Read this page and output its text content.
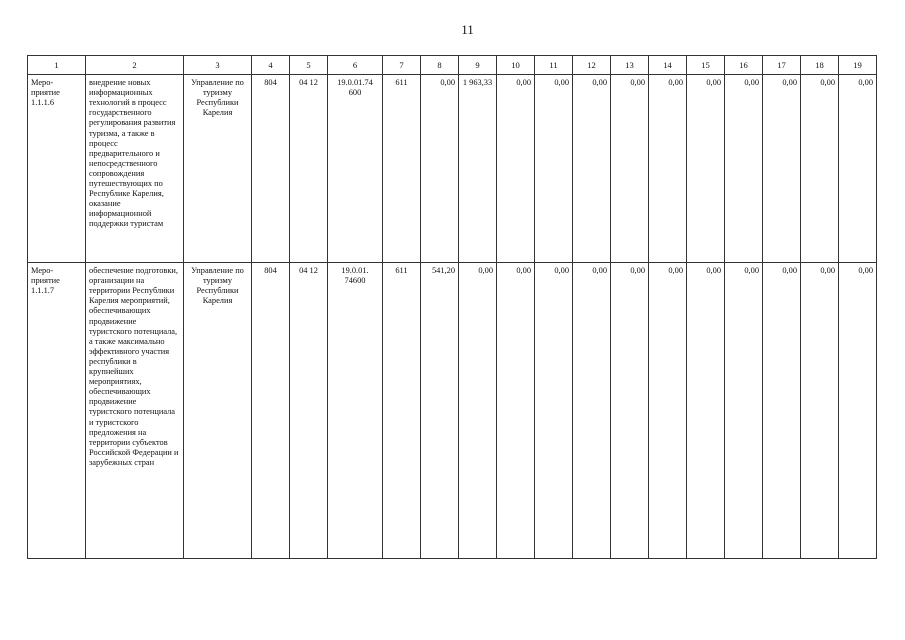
11
1	2	3	4	5	6	7	8	9	10	11	12	13	14	15	16	17	18	19
Меро-приятие 1.1.1.6	внедрение новых информационных технологий в процесс государственного регулирования развития туризма, а также в процесс предварительного и непосредственного сопровождения путешествующих по Республике Карелия, оказание информационной поддержки туристам	Управление по туризму Республики Карелия	804	04 12	19.0.01.74 600	611	0,00	1 963,33	0,00	0,00	0,00	0,00	0,00	0,00	0,00	0,00	0,00	0,00
Меро-приятие 1.1.1.7	обеспечение подготовки, организации на территории Республики Карелия мероприятий, обеспечивающих продвижение туристского потенциала, а также максимально эффективного участия республики в крупнейших мероприятиях, обеспечивающих продвижение туристского потенциала и туристского предложения на территории субъектов Российской Федерации и зарубежных стран	Управление по туризму Республики Карелия	804	04 12	19.0.01. 74600	611	541,20	0,00	0,00	0,00	0,00	0,00	0,00	0,00	0,00	0,00	0,00	0,00
